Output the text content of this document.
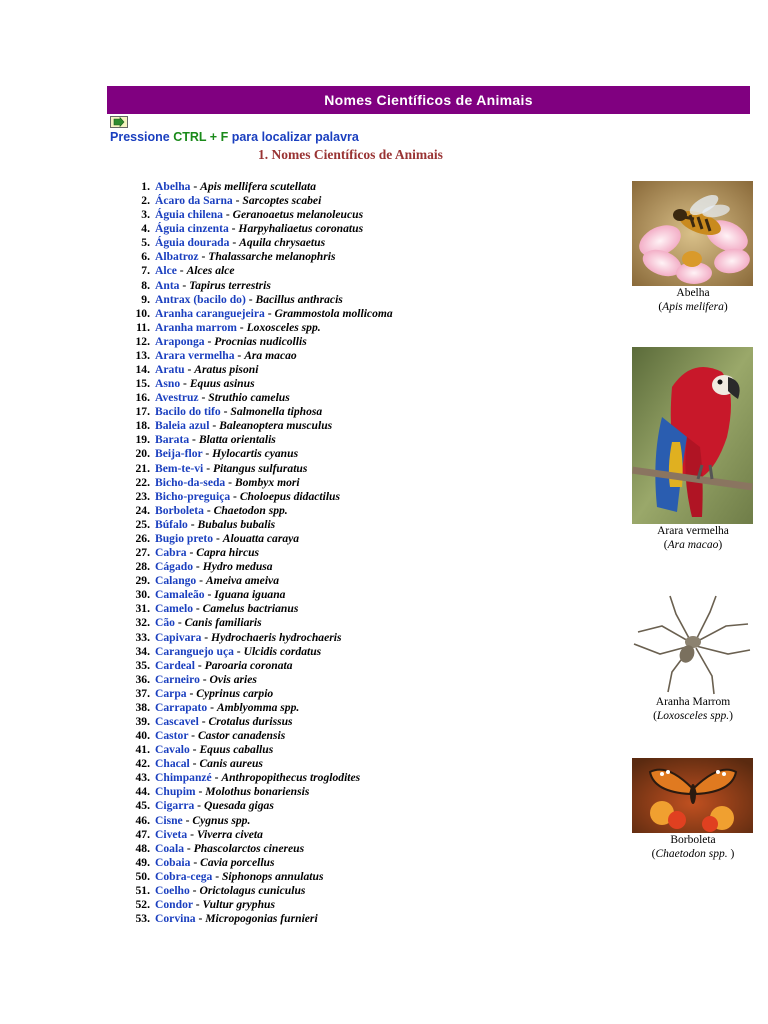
Nomes Científicos de Animais
Pressione CTRL + F para localizar palavra
1. Nomes Científicos de Animais
1. Abelha - Apis mellifera scutellata
2. Ácaro da Sarna - Sarcoptes scabei
3. Águia chilena - Geranoaetus melanoleucus
4. Águia cinzenta - Harpyhaliaetus coronatus
5. Águia dourada - Aquila chrysaetus
6. Albatroz - Thalassarche melanophris
7. Alce - Alces alce
8. Anta - Tapirus terrestris
9. Antrax (bacilo do) - Bacillus anthracis
10. Aranha caranguejeira - Grammostola mollicoma
11. Aranha marrom - Loxosceles spp.
12. Araponga - Procnias nudicollis
13. Arara vermelha - Ara macao
14. Aratu - Aratus pisoni
15. Asno - Equus asinus
16. Avestruz - Struthio camelus
17. Bacilo do tifo - Salmonella tiphosa
18. Baleia azul - Baleanoptera musculus
19. Barata - Blatta orientalis
20. Beija-flor - Hylocartis cyanus
21. Bem-te-vi - Pitangus sulfuratus
22. Bicho-da-seda - Bombyx mori
23. Bicho-preguiça - Choloepus didactilus
24. Borboleta - Chaetodon spp.
25. Búfalo - Bubalus bubalis
26. Bugio preto - Alouatta caraya
27. Cabra - Capra hircus
28. Cágado - Hydro medusa
29. Calango - Ameiva ameiva
30. Camaleão - Iguana iguana
31. Camelo - Camelus bactrianus
32. Cão - Canis familiaris
33. Capivara - Hydrochaeris hydrochaeris
34. Caranguejo uça - Ulcidis cordatus
35. Cardeal - Paroaria coronata
36. Carneiro - Ovis aries
37. Carpa - Cyprinus carpio
38. Carrapato - Amblyomma spp.
39. Cascavel - Crotalus durissus
40. Castor - Castor canadensis
41. Cavalo - Equus caballus
42. Chacal - Canis aureus
43. Chimpanzé - Anthropopithecus troglodites
44. Chupim - Molothus bonariensis
45. Cigarra - Quesada gigas
46. Cisne - Cygnus spp.
47. Civeta - Viverra civeta
48. Coala - Phascolarctos cinereus
49. Cobaia - Cavia porcellus
50. Cobra-cega - Siphonops annulatus
51. Coelho - Orictolagus cuniculus
52. Condor - Vultur gryphus
53. Corvina - Micropogonias furnieri
Abelha
(Apis melifera)
Arara vermelha
(Ara macao)
Aranha Marrom
(Loxosceles spp.)
Borboleta
(Chaetodon spp. )
